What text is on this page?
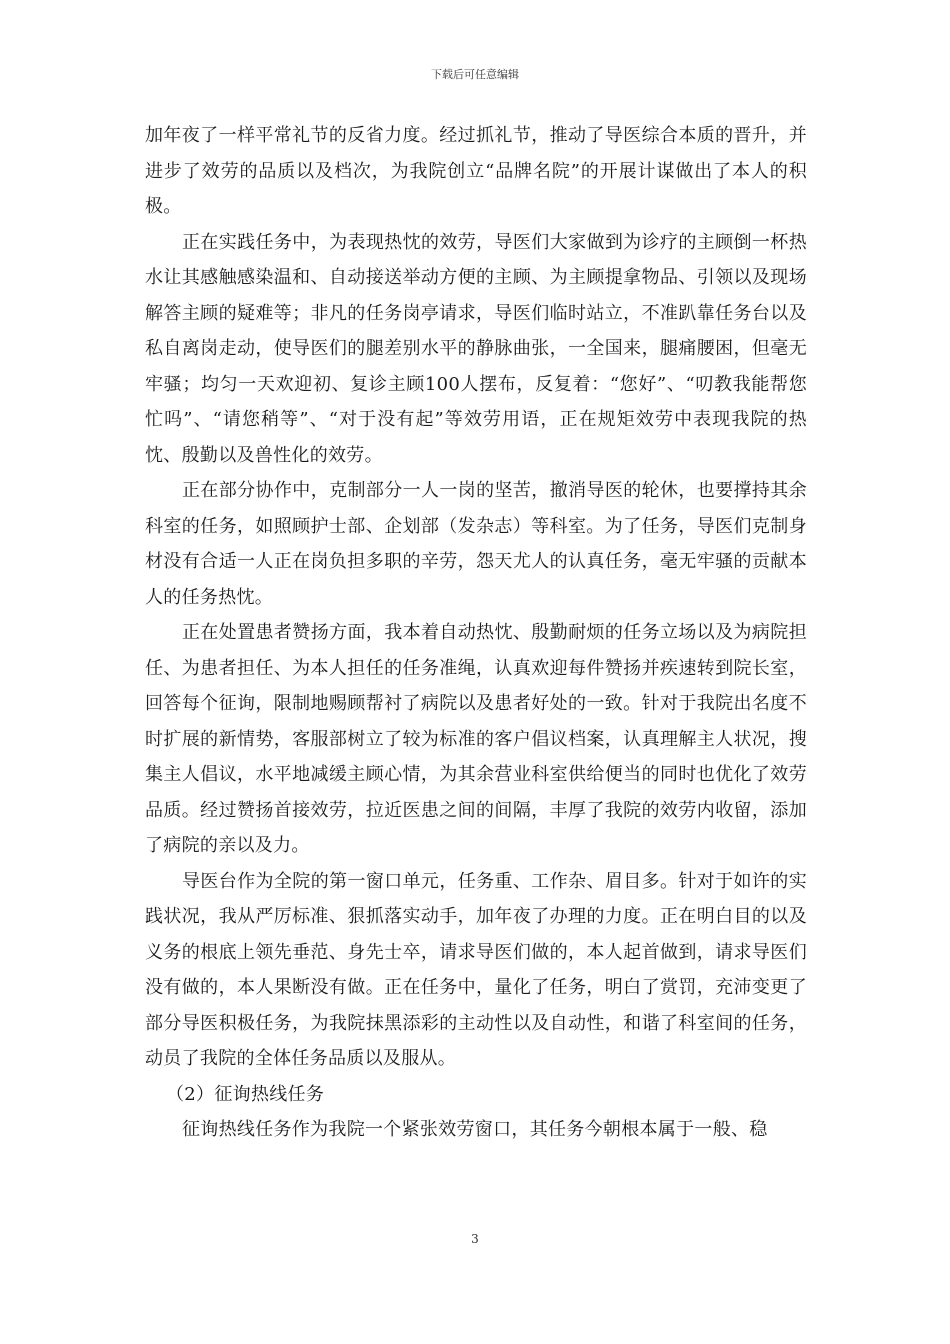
下载后可任意编辑

加年夜了一样平常礼节的反省力度。经过抓礼节，推动了导医综合本质的晋升，并进步了效劳的品质以及档次，为我院创立“品牌名院”的开展计谋做出了本人的积极。

正在实践任务中，为表现热忱的效劳，导医们大家做到为诊疗的主顾倒一杯热水让其感触感染温和、自动接送举动方便的主顾、为主顾提拿物品、引领以及现场解答主顾的疑难等；非凡的任务岗亭请求，导医们临时站立，不准趴靠任务台以及私自离岗走动，使导医们的腿差别水平的静脉曲张，一全国来，腿痛腰困，但毫无牢骚；均匀一天欢迎初、复诊主顾100人摆布，反复着：“您好”、“叨教我能帮您忙吗”、“请您稍等”、“对于没有起”等效劳用语，正在规矩效劳中表现我院的热忱、殷勤以及兽性化的效劳。

正在部分协作中，克制部分一人一岗的坚苦，撤消导医的轮休，也要撑持其余科室的任务，如照顾护士部、企划部（发杂志）等科室。为了任务，导医们克制身材没有合适一人正在岗负担多职的辛劳，怨天尤人的认真任务，毫无牢骚的贡献本人的任务热忱。

正在处置患者赞扬方面，我本着自动热忱、殷勤耐烦的任务立场以及为病院担任、为患者担任、为本人担任的任务准绳，认真欢迎每件赞扬并疾速转到院长室，回答每个征询，限制地赐顾帮衬了病院以及患者好处的一致。针对于我院出名度不时扩展的新情势，客服部树立了较为标准的客户倡议档案，认真理解主人状况，搜集主人倡议，水平地减缓主顾心情，为其余营业科室供给便当的同时也优化了效劳品质。经过赞扬首接效劳，拉近医患之间的间隔，丰厚了我院的效劳内收留，添加了病院的亲以及力。

导医台作为全院的第一窗口单元，任务重、工作杂、眉目多。针对于如许的实践状况，我从严厉标准、狠抓落实动手，加年夜了办理的力度。正在明白目的以及义务的根底上领先垂范、身先士卒，请求导医们做的，本人起首做到，请求导医们没有做的，本人果断没有做。正在任务中，量化了任务，明白了赏罚，充沛变更了部分导医积极任务，为我院抹黑添彩的主动性以及自动性，和谐了科室间的任务，动员了我院的全体任务品质以及服从。

（2）征询热线任务

征询热线任务作为我院一个紧张效劳窗口，其任务今朝根本属于一般、稳

3
